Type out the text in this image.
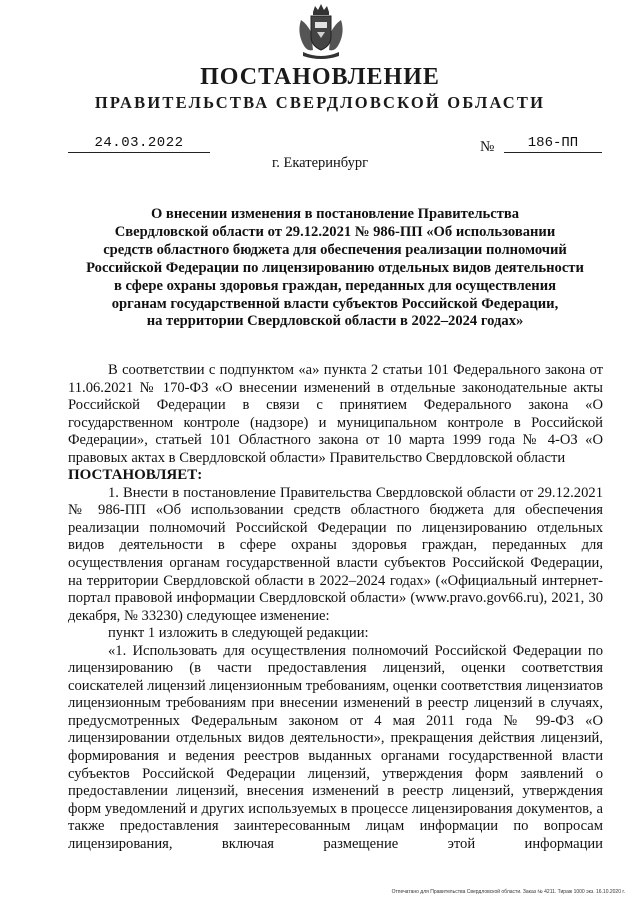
ПОСТАНОВЛЕНИЕ
ПРАВИТЕЛЬСТВА СВЕРДЛОВСКОЙ ОБЛАСТИ
24.03.2022	№	186-ПП
г. Екатеринбург
О внесении изменения в постановление Правительства
Свердловской области от 29.12.2021 № 986-ПП «Об использовании
средств областного бюджета для обеспечения реализации полномочий
Российской Федерации по лицензированию отдельных видов деятельности
в сфере охраны здоровья граждан, переданных для осуществления
органам государственной власти субъектов Российской Федерации,
на территории Свердловской области в 2022–2024 годах»

В соответствии с подпунктом «а» пункта 2 статьи 101 Федерального закона от 11.06.2021 № 170-ФЗ «О внесении изменений в отдельные законодательные акты Российской Федерации в связи с принятием Федерального закона «О государственном контроле (надзоре) и муниципальном контроле в Российской Федерации», статьей 101 Областного закона от 10 марта 1999 года № 4-ОЗ «О правовых актах в Свердловской области» Правительство Свердловской области

ПОСТАНОВЛЯЕТ:

1. Внести в постановление Правительства Свердловской области от 29.12.2021 № 986-ПП «Об использовании средств областного бюджета для обеспечения реализации полномочий Российской Федерации по лицензированию отдельных видов деятельности в сфере охраны здоровья граждан, переданных для осуществления органам государственной власти субъектов Российской Федерации, на территории Свердловской области в 2022–2024 годах» («Официальный интернет-портал правовой информации Свердловской области» (www.pravo.gov66.ru), 2021, 30 декабря, № 33230) следующее изменение:

пункт 1 изложить в следующей редакции:

«1. Использовать для осуществления полномочий Российской Федерации по лицензированию (в части предоставления лицензий, оценки соответствия соискателей лицензий лицензионным требованиям, оценки соответствия лицензиатов лицензионным требованиям при внесении изменений в реестр лицензий в случаях, предусмотренных Федеральным законом от 4 мая 2011 года № 99-ФЗ «О лицензировании отдельных видов деятельности», прекращения действия лицензий, формирования и ведения реестров выданных органами государственной власти субъектов Российской Федерации лицензий, утверждения форм заявлений о предоставлении лицензий, внесения изменений в реестр лицензий, утверждения форм уведомлений и других используемых в процессе лицензирования документов, а также предоставления заинтересованным лицам информации по вопросам лицензирования, включая размещение этой информации

Отпечатано для Правительства Свердловской области. Заказ № 4211. Тираж 1000 экз. 16.10.2020 г.
